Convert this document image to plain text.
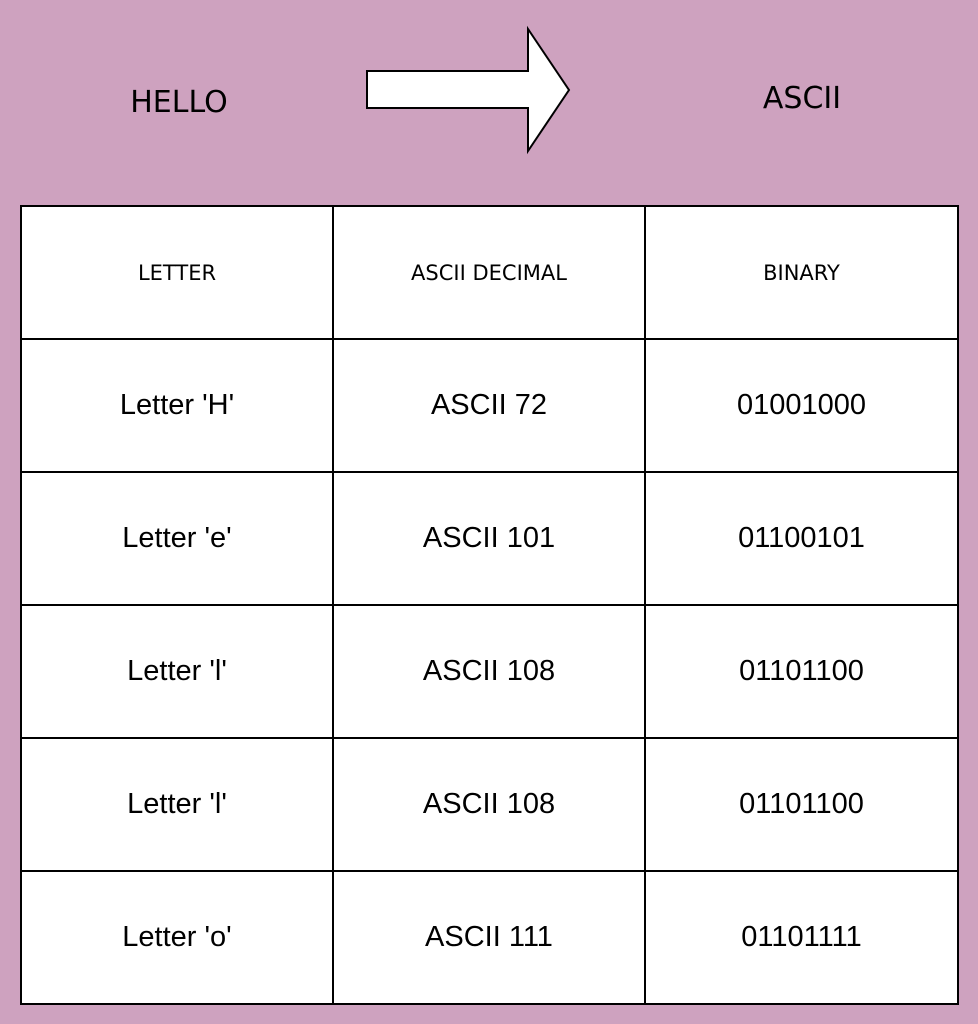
HELLO	ASCII
LETTER	ASCII DECIMAL	BINARY
Letter 'H'	ASCII 72	01001000
Letter 'e'	ASCII 101	01100101
Letter 'l'	ASCII 108	01101100
Letter 'l'	ASCII 108	01101100
Letter 'o'	ASCII 111	01101111
